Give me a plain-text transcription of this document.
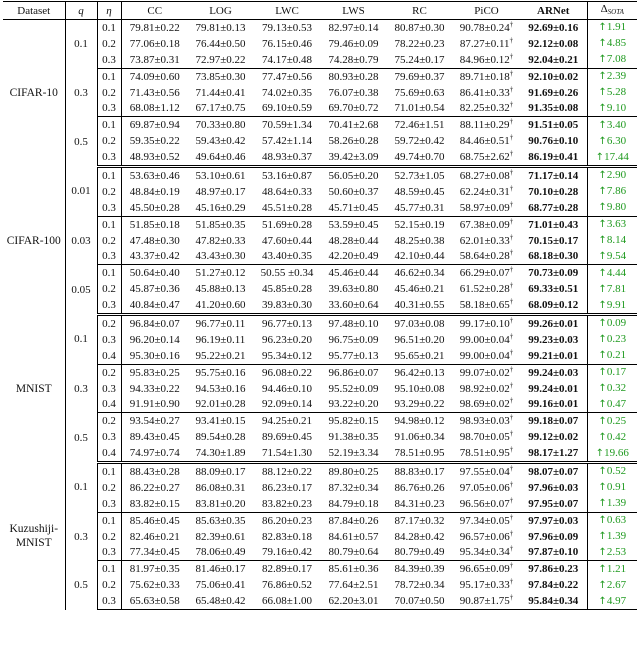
Dataset	q	η	CC	LOG	LWC	LWS	RC	PiCO	ARNet	ΔSOTA

CIFAR-10	0.1	0.1	79.81±0.22	79.81±0.13	79.13±0.53	82.97±0.14	80.87±0.30	90.78±0.24†	92.69±0.16	↑1.91
		0.2	77.06±0.18	76.44±0.50	76.15±0.46	79.46±0.09	78.22±0.23	87.27±0.11†	92.12±0.08	↑4.85
		0.3	73.87±0.31	72.97±0.22	74.17±0.48	74.28±0.79	75.24±0.17	84.96±0.12†	92.04±0.21	↑7.08
	0.3	0.1	74.09±0.60	73.85±0.30	77.47±0.56	80.93±0.28	79.69±0.37	89.71±0.18†	92.10±0.02	↑2.39
		0.2	71.43±0.56	71.44±0.41	74.02±0.35	76.07±0.38	75.69±0.63	86.41±0.33†	91.69±0.26	↑5.28
		0.3	68.08±1.12	67.17±0.75	69.10±0.59	69.70±0.72	71.01±0.54	82.25±0.32†	91.35±0.08	↑9.10
	0.5	0.1	69.87±0.94	70.33±0.80	70.59±1.34	70.41±2.68	72.46±1.51	88.11±0.29†	91.51±0.05	↑3.40
		0.2	59.35±0.22	59.43±0.42	57.42±1.14	58.26±0.28	59.72±0.42	84.46±0.51†	90.76±0.10	↑6.30
		0.3	48.93±0.52	49.64±0.46	48.93±0.37	39.42±3.09	49.74±0.70	68.75±2.62†	86.19±0.41	↑17.44

CIFAR-100	0.01	0.1	53.63±0.46	53.10±0.61	53.16±0.87	56.05±0.20	52.73±1.05	68.27±0.08†	71.17±0.14	↑2.90
		0.2	48.84±0.19	48.97±0.17	48.64±0.33	50.60±0.37	48.59±0.45	62.24±0.31†	70.10±0.28	↑7.86
		0.3	45.50±0.28	45.16±0.29	45.51±0.28	45.71±0.45	45.77±0.31	58.97±0.09†	68.77±0.28	↑9.80
	0.03	0.1	51.85±0.18	51.85±0.35	51.69±0.28	53.59±0.45	52.15±0.19	67.38±0.09†	71.01±0.43	↑3.63
		0.2	47.48±0.30	47.82±0.33	47.60±0.44	48.28±0.44	48.25±0.38	62.01±0.33†	70.15±0.17	↑8.14
		0.3	43.37±0.42	43.43±0.30	43.40±0.35	42.20±0.49	42.10±0.44	58.64±0.28†	68.18±0.30	↑9.54
	0.05	0.1	50.64±0.40	51.27±0.12	50.55 ±0.34	45.46±0.44	46.62±0.34	66.29±0.07†	70.73±0.09	↑4.44
		0.2	45.87±0.36	45.88±0.13	45.85±0.28	39.63±0.80	45.46±0.21	61.52±0.28†	69.33±0.51	↑7.81
		0.3	40.84±0.47	41.20±0.60	39.83±0.30	33.60±0.64	40.31±0.55	58.18±0.65†	68.09±0.12	↑9.91

MNIST	0.1	0.2	96.84±0.07	96.77±0.11	96.77±0.13	97.48±0.10	97.03±0.08	99.17±0.10†	99.26±0.01	↑0.09
		0.3	96.20±0.14	96.19±0.11	96.23±0.20	96.75±0.09	96.51±0.20	99.00±0.04†	99.23±0.03	↑0.23
		0.4	95.30±0.16	95.22±0.21	95.34±0.12	95.77±0.13	95.65±0.21	99.00±0.04†	99.21±0.01	↑0.21
	0.3	0.2	95.83±0.25	95.75±0.16	96.08±0.22	96.86±0.07	96.42±0.13	99.07±0.02†	99.24±0.03	↑0.17
		0.3	94.33±0.22	94.53±0.16	94.46±0.10	95.52±0.09	95.10±0.08	98.92±0.02†	99.24±0.01	↑0.32
		0.4	91.91±0.90	92.01±0.28	92.09±0.14	93.22±0.20	93.29±0.22	98.69±0.02†	99.16±0.01	↑0.47
	0.5	0.2	93.54±0.27	93.41±0.15	94.25±0.21	95.82±0.15	94.98±0.12	98.93±0.03†	99.18±0.07	↑0.25
		0.3	89.43±0.45	89.54±0.28	89.69±0.45	91.38±0.35	91.06±0.34	98.70±0.05†	99.12±0.02	↑0.42
		0.4	74.97±0.74	74.30±1.89	71.54±1.30	52.19±3.34	78.51±0.95	78.51±0.95†	98.17±1.27	↑19.66

Kuzushiji-
MNIST	0.1	0.1	88.43±0.28	88.09±0.17	88.12±0.22	89.80±0.25	88.83±0.17	97.55±0.04†	98.07±0.07	↑0.52
		0.2	86.22±0.27	86.08±0.31	86.23±0.17	87.32±0.34	86.76±0.26	97.05±0.06†	97.96±0.03	↑0.91
		0.3	83.82±0.15	83.81±0.20	83.82±0.23	84.79±0.18	84.31±0.23	96.56±0.07†	97.95±0.07	↑1.39
	0.3	0.1	85.46±0.45	85.63±0.35	86.20±0.23	87.84±0.26	87.17±0.32	97.34±0.05†	97.97±0.03	↑0.63
		0.2	82.46±0.21	82.39±0.61	82.83±0.18	84.61±0.57	84.28±0.42	96.57±0.06†	97.96±0.09	↑1.39
		0.3	77.34±0.45	78.06±0.49	79.16±0.42	80.79±0.64	80.79±0.49	95.34±0.34†	97.87±0.10	↑2.53
	0.5	0.1	81.97±0.35	81.46±0.17	82.89±0.17	85.61±0.36	84.39±0.39	96.65±0.09†	97.86±0.23	↑1.21
		0.2	75.62±0.33	75.06±0.41	76.86±0.52	77.64±2.51	78.72±0.34	95.17±0.33†	97.84±0.22	↑2.67
		0.3	65.63±0.58	65.48±0.42	66.08±1.00	62.20±3.01	70.07±0.50	90.87±1.75†	95.84±0.34	↑4.97
